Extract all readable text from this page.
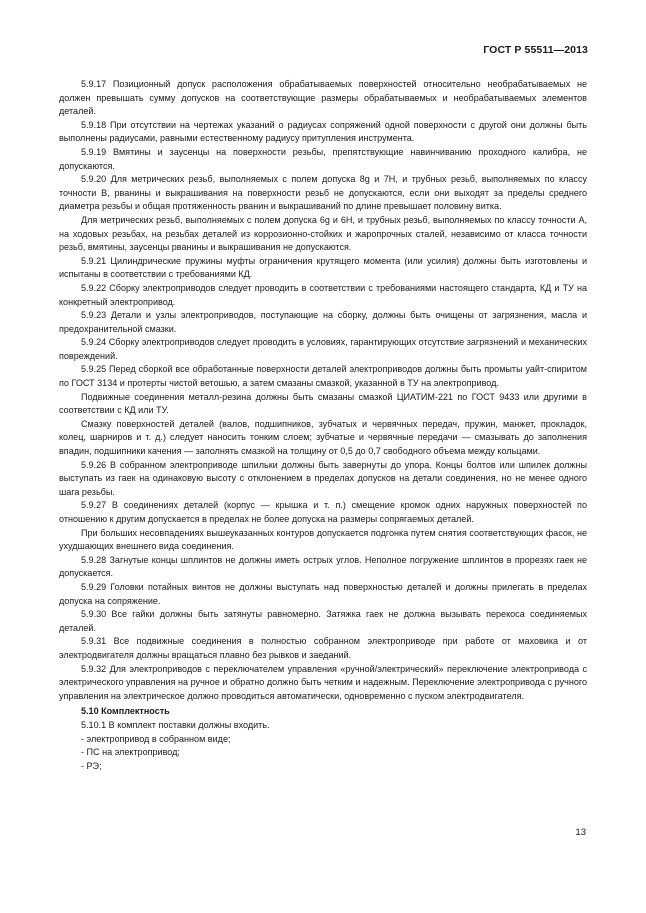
ГОСТ Р 55511—2013

5.9.17 Позиционный допуск расположения обрабатываемых поверхностей относительно необрабатываемых не должен превышать сумму допусков на соответствующие размеры обрабатываемых и необрабатываемых элементов деталей.

5.9.18 При отсутствии на чертежах указаний о радиусах сопряжений одной поверхности с другой они должны быть выполнены радиусами, равными естественному радиусу притупления инструмента.

5.9.19 Вмятины и заусенцы на поверхности резьбы, препятствующие навинчиванию проходного калибра, не допускаются.

5.9.20 Для метрических резьб, выполняемых с полем допуска 8g и 7H, и трубных резьб, выполняемых по классу точности В, рванины и выкрашивания на поверхности резьб не допускаются, если они выходят за пределы среднего диаметра резьбы и общая протяженность рванин и выкрашиваний по длине превышает половину витка.

Для метрических резьб, выполняемых с полем допуска 6g и 6H, и трубных резьб, выполняемых по классу точности А, на ходовых резьбах, на резьбах деталей из коррозионно-стойких и жаропрочных сталей, независимо от класса точности резьб, вмятины, заусенцы рванины и выкрашивания не допускаются.

5.9.21 Цилиндрические пружины муфты ограничения крутящего момента (или усилия) должны быть изготовлены и испытаны в соответствии с требованиями КД.

5.9.22 Сборку электроприводов следует проводить в соответствии с требованиями настоящего стандарта, КД и ТУ на конкретный электропривод.

5.9.23 Детали и узлы электроприводов, поступающие на сборку, должны быть очищены от загрязнения, масла и предохранительной смазки.

5.9.24 Сборку электроприводов следует проводить в условиях, гарантирующих отсутствие загрязнений и механических повреждений.

5.9.25 Перед сборкой все обработанные поверхности деталей электроприводов должны быть промыты уайт-спиритом по ГОСТ 3134 и протерты чистой ветошью, а затем смазаны смазкой, указанной в ТУ на электропривод.

Подвижные соединения металл-резина должны быть смазаны смазкой ЦИАТИМ-221 по ГОСТ 9433 или другими в соответствии с КД или ТУ.

Смазку поверхностей деталей (валов, подшипников, зубчатых и червячных передач, пружин, манжет, прокладок, колец, шарниров и т. д.) следует наносить тонким слоем; зубчатые и червячные передачи — смазывать до заполнения впадин, подшипники качения — заполнять смазкой на толщину от 0,5 до 0,7 свободного объема между кольцами.

5.9.26 В собранном электроприводе шпильки должны быть завернуты до упора. Концы болтов или шпилек должны выступать из гаек на одинаковую высоту с отклонением в пределах допусков на детали соединения, но не менее одного шага резьбы.

5.9.27 В соединениях деталей (корпус — крышка и т. п.) смещение кромок одних наружных поверхностей по отношению к другим допускается в пределах не более допуска на размеры сопрягаемых деталей.

При больших несовпадениях вышеуказанных контуров допускается подгонка путем снятия соответствующих фасок, не ухудшающих внешнего вида соединения.

5.9.28 Загнутые концы шплинтов не должны иметь острых углов. Неполное погружение шплинтов в прорезях гаек не допускается.

5.9.29 Головки потайных винтов не должны выступать над поверхностью деталей и должны прилегать в пределах допуска на сопряжение.

5.9.30 Все гайки должны быть затянуты равномерно. Затяжка гаек не должна вызывать перекоса соединяемых деталей.

5.9.31 Все подвижные соединения в полностью собранном электроприводе при работе от маховика и от электродвигателя должны вращаться плавно без рывков и заеданий.

5.9.32 Для электроприводов с переключателем управления «ручной/электрический» переключение электропривода с электрического управления на ручное и обратно должно быть четким и надежным. Переключение электропривода с ручного управления на электрическое должно проводиться автоматически, одновременно с пуском электродвигателя.

5.10 Комплектность

5.10.1 В комплект поставки должны входить.

- электропривод в собранном виде;

- ПС на электропривод;

- РЭ;

13
